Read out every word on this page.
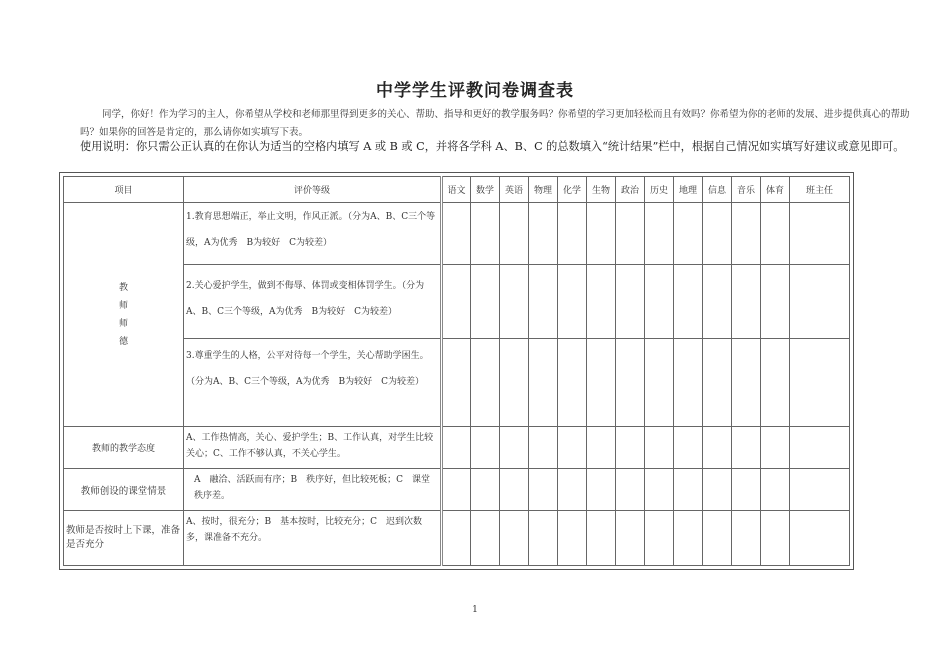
中学学生评教问卷调查表
同学，你好！作为学习的主人，你希望从学校和老师那里得到更多的关心、帮助、指导和更好的教学服务吗？你希望的学习更加轻松而且有效吗？你希望为你的老师的发展、进步提供真心的帮助吗？如果你的回答是肯定的，那么请你如实填写下表。
使用说明：你只需公正认真的在你认为适当的空格内填写 A 或 B 或 C，并将各学科 A、B、C 的总数填入“统计结果”栏中，根据自己情况如实填写好建议或意见即可。
项目	评价等级	语文	数学	英语	物理	化学	生物	政治	历史	地理	信息	音乐	体育	班主任

教
师
师
德	1.教育思想端正，举止文明，作风正派。（分为A、B、C三个等级，A为优秀　B为较好　C为较差）													
	2.关心爱护学生，做到不侮辱、体罚或变相体罚学生。（分为A、B、C三个等级，A为优秀　B为较好　C为较差）													
	3.尊重学生的人格，公平对待每一个学生，关心帮助学困生。（分为A、B、C三个等级，A为优秀　B为较好　C为较差）													
教师的教学态度	A、工作热情高，关心、爱护学生；B、工作认真，对学生比较关心；C、工作不够认真，不关心学生。													
教师创设的课堂情景	A　融洽、活跃而有序；B　秩序好，但比较死板；C　课堂秩序差。													
教师是否按时上下课，准备是否充分	A、按时，很充分；B　基本按时，比较充分；C　迟到次数多，课准备不充分。													
1
